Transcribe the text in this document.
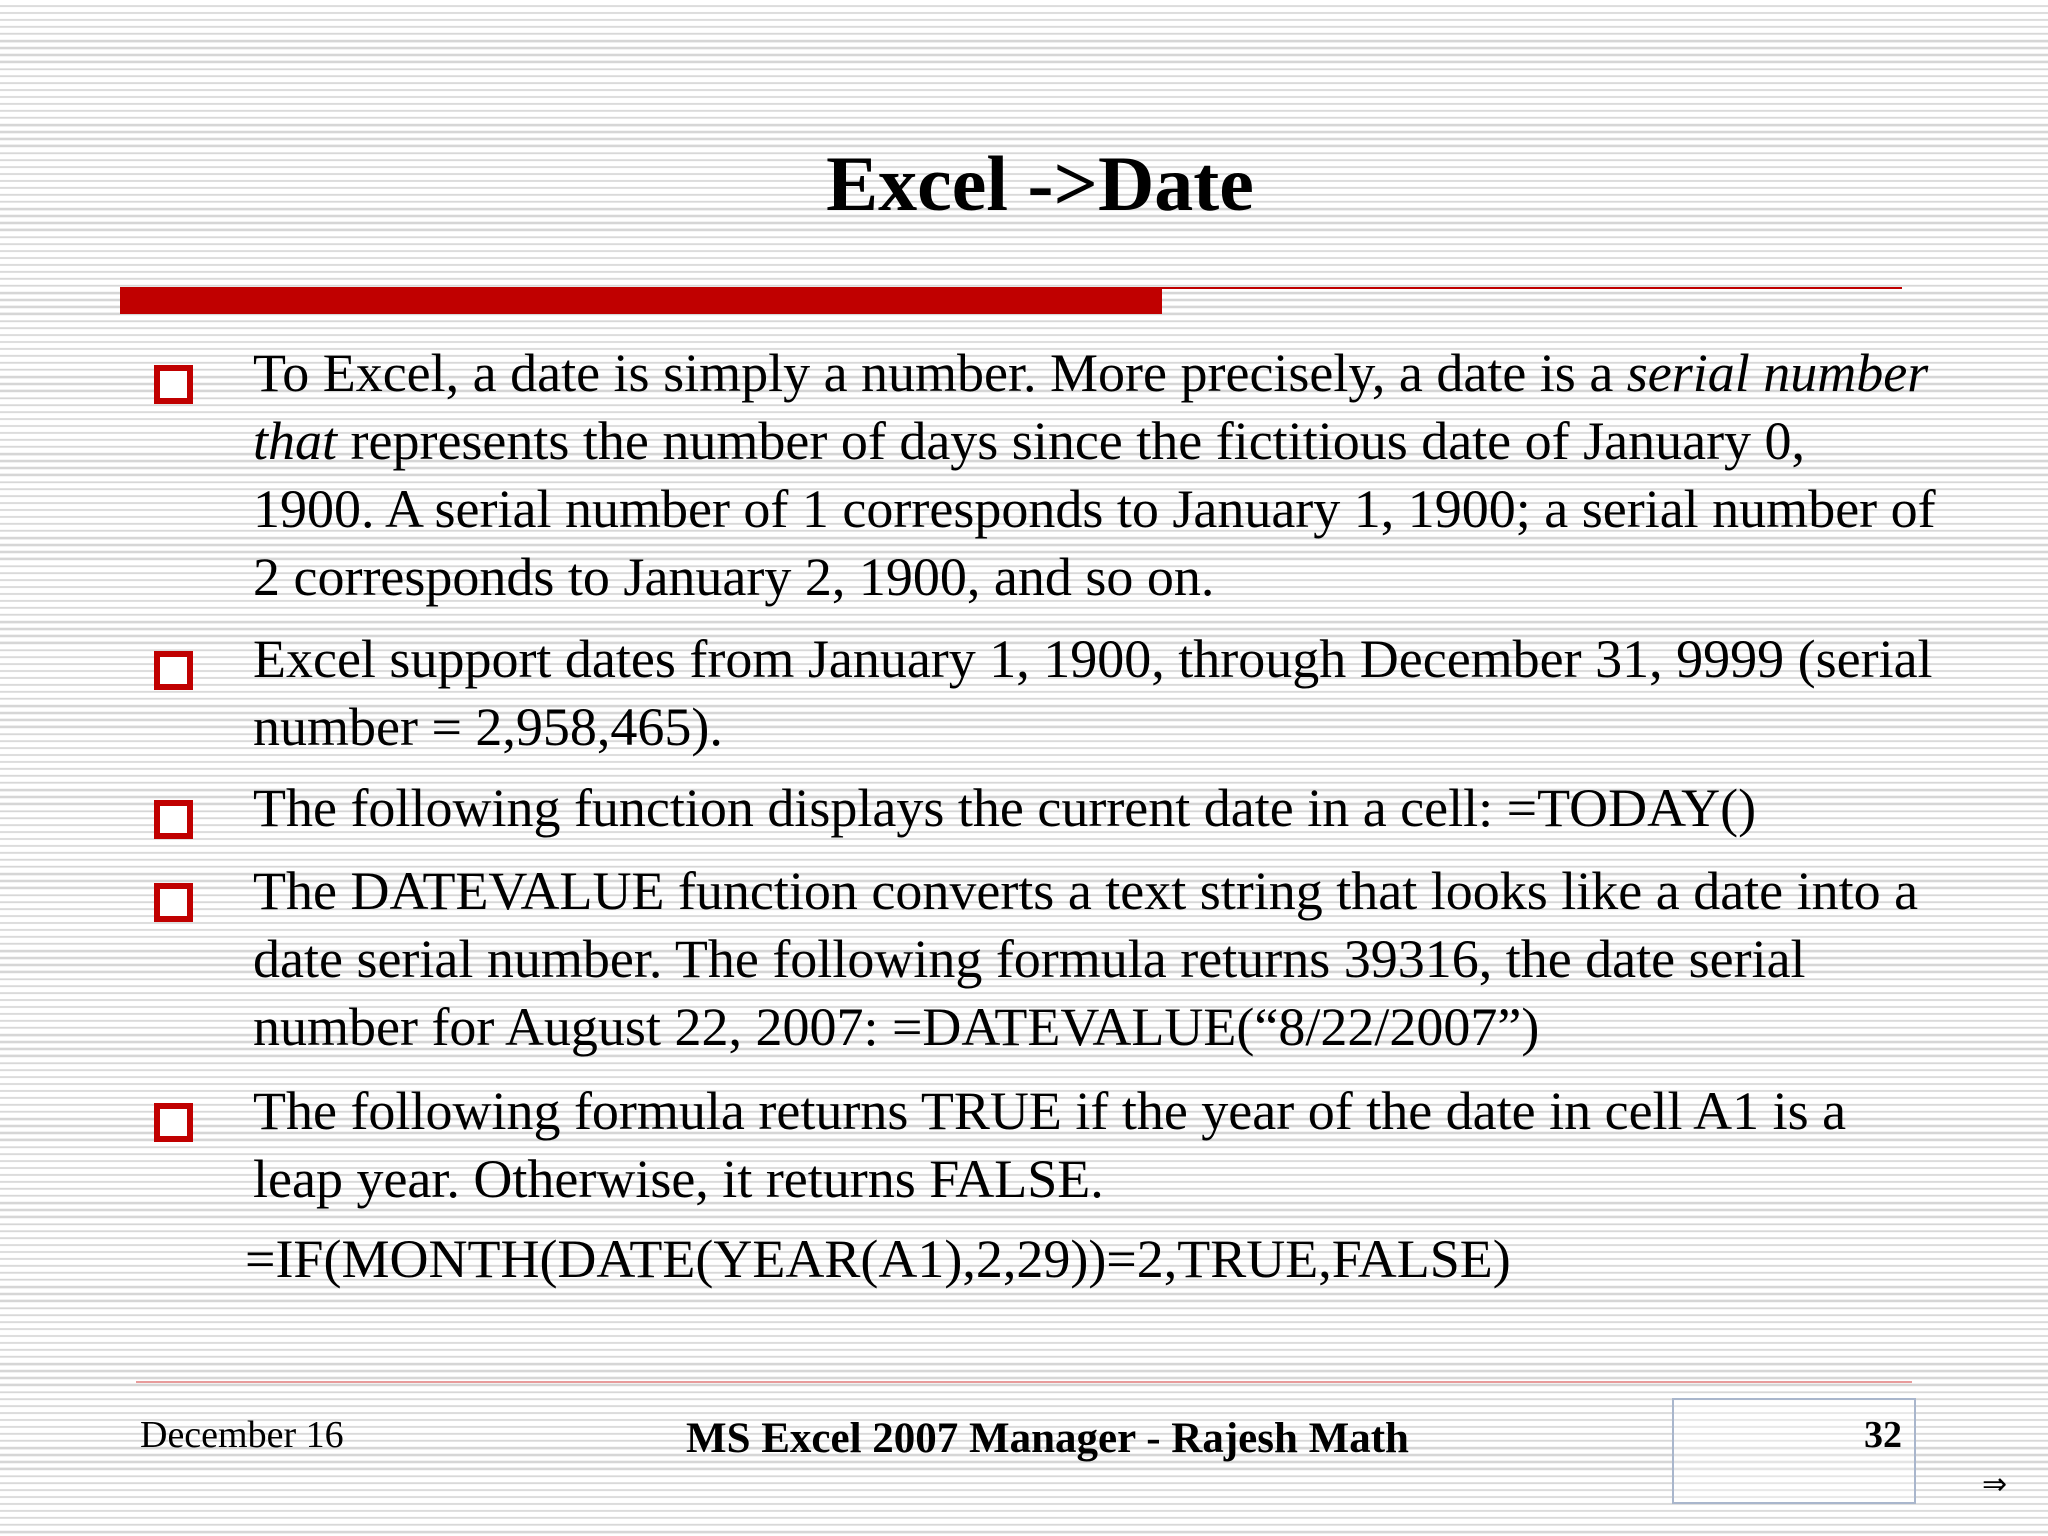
Excel ->Date

To Excel, a date is simply a number. More precisely, a date is a serial number that represents the number of days since the fictitious date of January 0, 1900. A serial number of 1 corresponds to January 1, 1900; a serial number of 2 corresponds to January 2, 1900, and so on.

Excel support dates from January 1, 1900, through December 31, 9999 (serial number = 2,958,465).

The following function displays the current date in a cell: =TODAY()

The DATEVALUE function converts a text string that looks like a date into a date serial number. The following formula returns 39316, the date serial number for August 22, 2007: =DATEVALUE(“8/22/2007”)

The following formula returns TRUE if the year of the date in cell A1 is a leap year. Otherwise, it returns FALSE.

=IF(MONTH(DATE(YEAR(A1),2,29))=2,TRUE,FALSE)

December 16	MS Excel 2007 Manager - Rajesh Math	32
⇒
